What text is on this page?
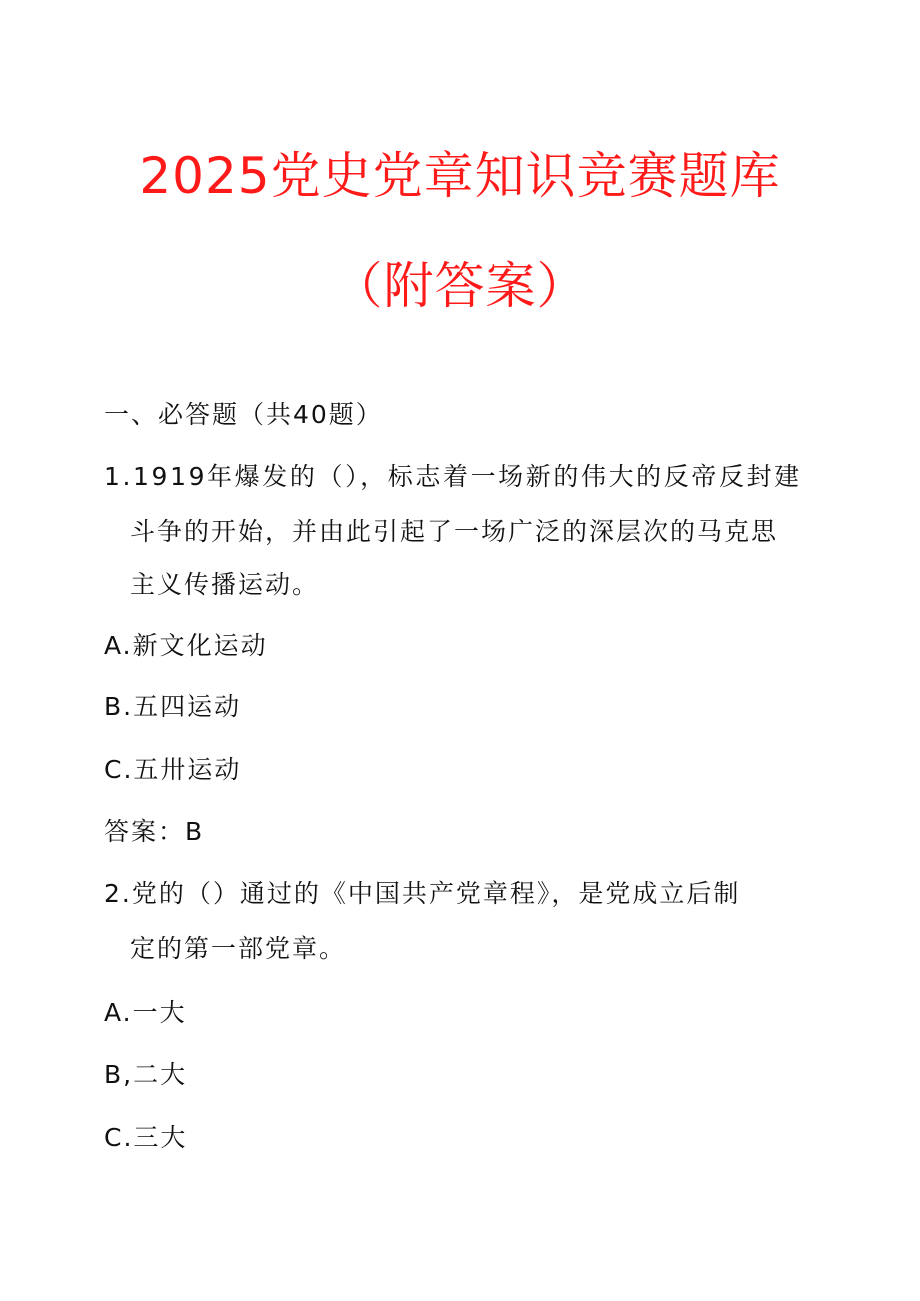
2025党史党章知识竞赛题库
（附答案）
一、必答题（共40题）
1.1919年爆发的（），标志着一场新的伟大的反帝反封建
斗争的开始，并由此引起了一场广泛的深层次的马克思
主义传播运动。
A.新文化运动
B.五四运动
C.五卅运动
答案：B
2.党的（）通过的《中国共产党章程》，是党成立后制
定的第一部党章。
A.一大
B,二大
C.三大
